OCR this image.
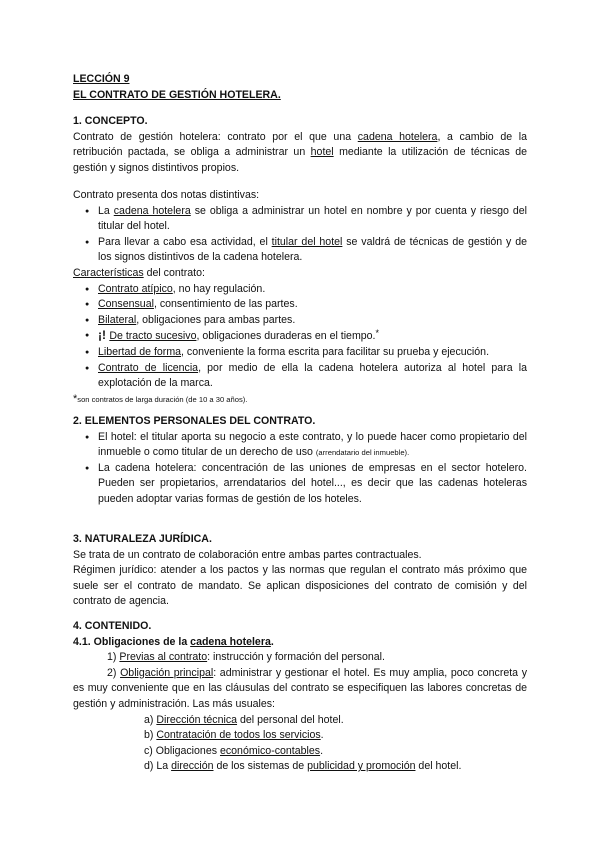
LECCIÓN 9

EL CONTRATO DE GESTIÓN HOTELERA.

1. CONCEPTO.

Contrato de gestión hotelera: contrato por el que una cadena hotelera, a cambio de la retribución pactada, se obliga a administrar un hotel mediante la utilización de técnicas de gestión y signos distintivos propios.

Contrato presenta dos notas distintivas:

● La cadena hotelera se obliga a administrar un hotel en nombre y por cuenta y riesgo del titular del hotel.
● Para llevar a cabo esa actividad, el titular del hotel se valdrá de técnicas de gestión y de los signos distintivos de la cadena hotelera.

Características del contrato:

● Contrato atípico, no hay regulación.
● Consensual, consentimiento de las partes.
● Bilateral, obligaciones para ambas partes.
● ¡! De tracto sucesivo, obligaciones duraderas en el tiempo.*
● Libertad de forma, conveniente la forma escrita para facilitar su prueba y ejecución.
● Contrato de licencia, por medio de ella la cadena hotelera autoriza al hotel para la explotación de la marca.

*son contratos de larga duración (de 10 a 30 años).

2. ELEMENTOS PERSONALES DEL CONTRATO.

● El hotel: el titular aporta su negocio a este contrato, y lo puede hacer como propietario del inmueble o como titular de un derecho de uso (arrendatario del inmueble).
● La cadena hotelera: concentración de las uniones de empresas en el sector hotelero. Pueden ser propietarios, arrendatarios del hotel..., es decir que las cadenas hoteleras pueden adoptar varias formas de gestión de los hoteles.

3. NATURALEZA JURÍDICA.

Se trata de un contrato de colaboración entre ambas partes contractuales.

Régimen jurídico: atender a los pactos y las normas que regulan el contrato más próximo que suele ser el contrato de mandato. Se aplican disposiciones del contrato de comisión y del contrato de agencia.

4. CONTENIDO.

4.1. Obligaciones de la cadena hotelera.

1) Previas al contrato: instrucción y formación del personal.

2) Obligación principal: administrar y gestionar el hotel. Es muy amplia, poco concreta y es muy conveniente que en las cláusulas del contrato se especifiquen las labores concretas de gestión y administración. Las más usuales:

a) Dirección técnica del personal del hotel.

b) Contratación de todos los servicios.

c) Obligaciones económico-contables.

d) La dirección de los sistemas de publicidad y promoción del hotel.
